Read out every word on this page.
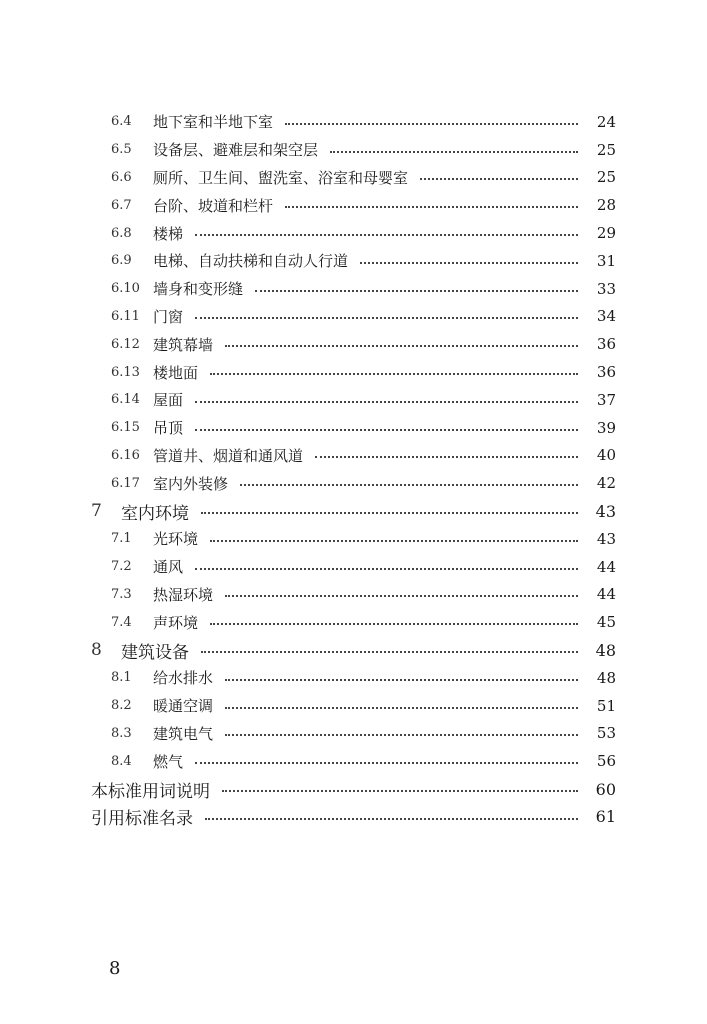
6.4	地下室和半地下室	24
6.5	设备层、避难层和架空层	25
6.6	厕所、卫生间、盥洗室、浴室和母婴室	25
6.7	台阶、坡道和栏杆	28
6.8	楼梯	29
6.9	电梯、自动扶梯和自动人行道	31
6.10 墙身和变形缝	33
6.11 门窗	34
6.12 建筑幕墙	36
6.13 楼地面	36
6.14 屋面	37
6.15 吊顶	39
6.16 管道井、烟道和通风道	40
6.17 室内外装修	42
7	室内环境	43
7.1	光环境	43
7.2	通风	44
7.3	热湿环境	44
7.4	声环境	45
8	建筑设备	48
8.1	给水排水	48
8.2	暖通空调	51
8.3	建筑电气	53
8.4	燃气	56
本标准用词说明	60
引用标准名录	61
8
